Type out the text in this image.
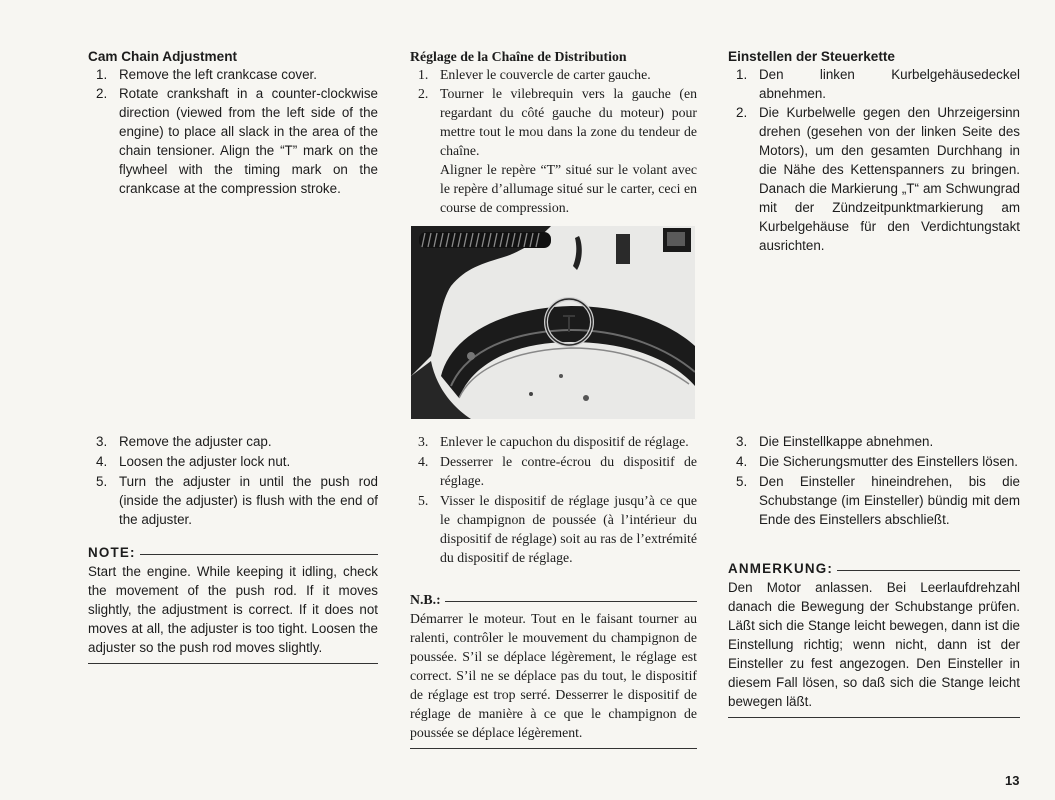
Cam Chain Adjustment
1. Remove the left crankcase cover.
2. Rotate crankshaft in a counter-clockwise direction (viewed from the left side of the engine) to place all slack in the area of the chain tensioner. Align the “T” mark on the flywheel with the timing mark on the crankcase at the compression stroke.
3. Remove the adjuster cap.
4. Loosen the adjuster lock nut.
5. Turn the adjuster in until the push rod (inside the adjuster) is flush with the end of the adjuster.
NOTE:
Start the engine. While keeping it idling, check the movement of the push rod. If it moves slightly, the adjustment is correct. If it does not moves at all, the adjuster is too tight. Loosen the adjuster so the push rod moves slightly.
Réglage de la Chaîne de Distribution
1. Enlever le couvercle de carter gauche.
2. Tourner le vilebrequin vers la gauche (en regardant du côté gauche du moteur) pour mettre tout le mou dans la zone du tendeur de chaîne.
Aligner le repère “T” situé sur le volant avec le repère d’allumage situé sur le carter, ceci en course de compression.
3. Enlever le capuchon du dispositif de réglage.
4. Desserrer le contre-écrou du dispositif de réglage.
5. Visser le dispositif de réglage jusqu’à ce que le champignon de poussée (à l’intérieur du dispositif de réglage) soit au ras de l’extrémité du dispositif de réglage.
N.B.:
Démarrer le moteur. Tout en le faisant tourner au ralenti, contrôler le mouvement du champignon de poussée. S’il se déplace légèrement, le réglage est correct. S’il ne se déplace pas du tout, le dispositif de réglage est trop serré. Desserrer le dispositif de réglage de manière à ce que le champignon de poussée se déplace légèrement.
Einstellen der Steuerkette
1. Den linken Kurbelgehäusedeckel abnehmen.
2. Die Kurbelwelle gegen den Uhrzeigersinn drehen (gesehen von der linken Seite des Motors), um den gesamten Durchhang in die Nähe des Kettenspanners zu bringen. Danach die Markierung „T“ am Schwungrad mit der Zündzeitpunktmarkierung am Kurbelgehäuse für den Verdichtungstakt ausrichten.
3. Die Einstellkappe abnehmen.
4. Die Sicherungsmutter des Einstellers lösen.
5. Den Einsteller hineindrehen, bis die Schubstange (im Einsteller) bündig mit dem Ende des Einstellers abschließt.
ANMERKUNG:
Den Motor anlassen. Bei Leerlaufdrehzahl danach die Bewegung der Schubstange prüfen. Läßt sich die Stange leicht bewegen, dann ist die Einstellung richtig; wenn nicht, dann ist der Einsteller zu fest angezogen. Den Einsteller in diesem Fall lösen, so daß sich die Stange leicht bewegen läßt.
13
